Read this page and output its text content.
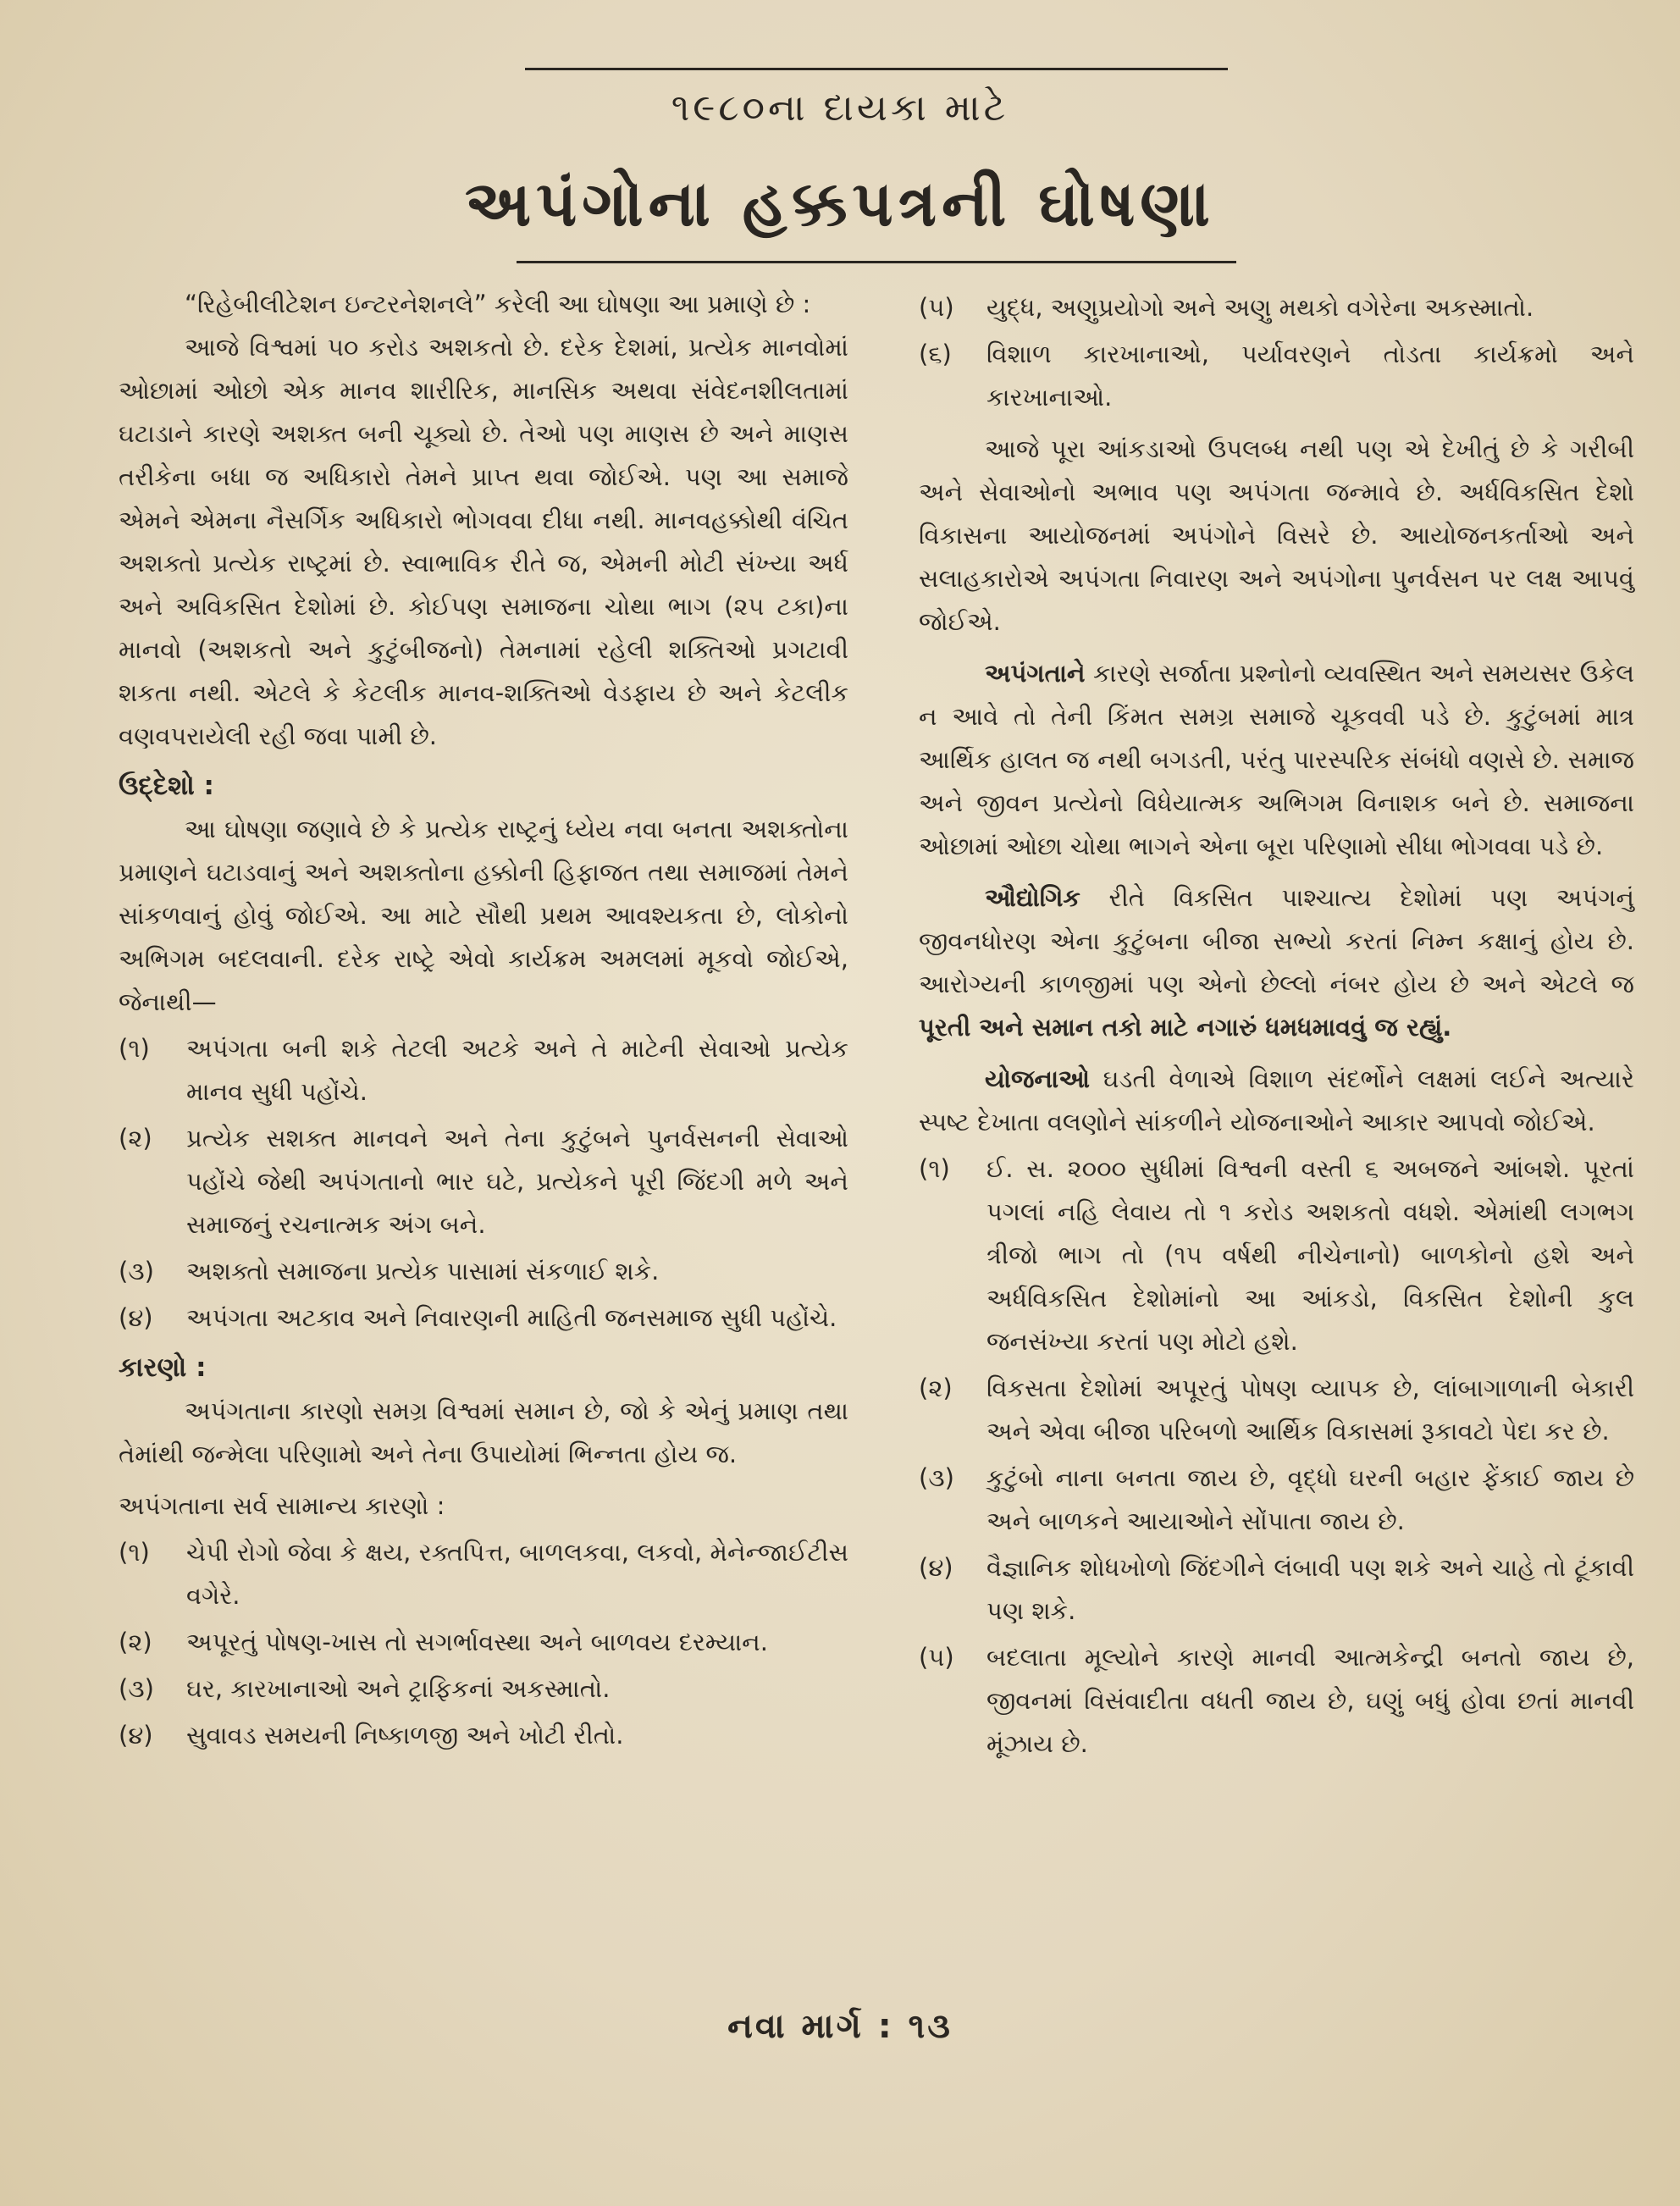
૧૯૮૦ના દાયકા માટે
અપંગોના હક્કપત્રની ઘોષણા

“રિહેબીલીટેશન ઇન્ટરનેશનલે” કરેલી આ ઘોષણા આ પ્રમાણે છે :

આજે વિશ્વમાં ૫૦ કરોડ અશકતો છે. દરેક દેશમાં, પ્રત્યેક માનવોમાં ઓછામાં ઓછો એક માનવ શારીરિક, માનસિક અથવા સંવેદનશીલતામાં ઘટાડાને કારણે અશક્ત બની ચૂક્યો છે. તેઓ પણ માણસ છે અને માણસ તરીકેના બધા જ અધિકારો તેમને પ્રાપ્ત થવા જોઈએ. પણ આ સમાજે એમને એમના નૈસર્ગિક અધિકારો ભોગવવા દીધા નથી. માનવહક્કોથી વંચિત અશક્તો પ્રત્યેક રાષ્ટ્રમાં છે. સ્વાભાવિક રીતે જ, એમની મોટી સંખ્યા અર્ધ અને અવિકસિત દેશોમાં છે. કોઈપણ સમાજના ચોથા ભાગ (૨૫ ટકા)ના માનવો (અશકતો અને કુટુંબીજનો) તેમનામાં રહેલી શક્તિઓ પ્રગટાવી શકતા નથી. એટલે કે કેટલીક માનવ-શક્તિઓ વેડફાય છે અને કેટલીક વણવપરાયેલી રહી જવા પામી છે.

ઉદ્દેશો :

આ ઘોષણા જણાવે છે કે પ્રત્યેક રાષ્ટ્રનું ધ્યેય નવા બનતા અશક્તોના પ્રમાણને ઘટાડવાનું અને અશક્તોના હક્કોની હિફાજત તથા સમાજમાં તેમને સાંકળવાનું હોવું જોઈએ. આ માટે સૌથી પ્રથમ આવશ્યકતા છે, લોકોનો અભિગમ બદલવાની. દરેક રાષ્ટ્રે એવો કાર્યક્રમ અમલમાં મૂકવો જોઈએ, જેનાથી—

(૧)	અપંગતા બની શકે તેટલી અટકે અને તે માટેની સેવાઓ પ્રત્યેક માનવ સુધી પહોંચે.
(૨)	પ્રત્યેક સશક્ત માનવને અને તેના કુટુંબને પુનર્વસનની સેવાઓ પહોંચે જેથી અપંગતાનો ભાર ઘટે, પ્રત્યેકને પૂરી જિંદગી મળે અને સમાજનું રચનાત્મક અંગ બને.
(૩)	અશક્તો સમાજના પ્રત્યેક પાસામાં સંકળાઈ શકે.
(૪)	અપંગતા અટકાવ અને નિવારણની માહિતી જનસમાજ સુધી પહોંચે.

કારણો :

અપંગતાના કારણો સમગ્ર વિશ્વમાં સમાન છે, જો કે એનું પ્રમાણ તથા તેમાંથી જન્મેલા પરિણામો અને તેના ઉપાયોમાં ભિન્નતા હોય જ.

અપંગતાના સર્વ સામાન્ય કારણો :

(૧)	ચેપી રોગો જેવા કે ક્ષય, રક્તપિત્ત, બાળલકવા, લકવો, મેનેન્જાઈટીસ વગેરે.
(૨)	અપૂરતું પોષણ-ખાસ તો સગર્ભાવસ્થા અને બાળવય દરમ્યાન.
(૩)	ઘર, કારખાનાઓ અને ટ્રાફિકનાં અકસ્માતો.
(૪)	સુવાવડ સમયની નિષ્કાળજી અને ખોટી રીતો.
(૫)	યુદ્ધ, અણુપ્રયોગો અને અણુ મથકો વગેરેના અકસ્માતો.
(૬)	વિશાળ કારખાનાઓ, પર્યાવરણને તોડતા કાર્યક્રમો અને કારખાનાઓ.

આજે પૂરા આંકડાઓ ઉપલબ્ધ નથી પણ એ દેખીતું છે કે ગરીબી અને સેવાઓનો અભાવ પણ અપંગતા જન્માવે છે. અર્ધવિકસિત દેશો વિકાસના આયોજનમાં અપંગોને વિસરે છે. આયોજનકર્તાઓ અને સલાહકારોએ અપંગતા નિવારણ અને અપંગોના પુનર્વસન પર લક્ષ આપવું જોઈએ.

અપંગતાને કારણે સર્જાતા પ્રશ્નોનો વ્યવસ્થિત અને સમયસર ઉકેલ ન આવે તો તેની કિંમત સમગ્ર સમાજે ચૂકવવી પડે છે. કુટુંબમાં માત્ર આર્થિક હાલત જ નથી બગડતી, પરંતુ પારસ્પરિક સંબંધો વણસે છે. સમાજ અને જીવન પ્રત્યેનો વિધેયાત્મક અભિગમ વિનાશક બને છે. સમાજના ઓછામાં ઓછા ચોથા ભાગને એના બૂરા પરિણામો સીધા ભોગવવા પડે છે.

ઔદ્યોગિક રીતે વિકસિત પાશ્ચાત્ય દેશોમાં પણ અપંગનું જીવનધોરણ એના કુટુંબના બીજા સભ્યો કરતાં નિમ્ન કક્ષાનું હોય છે. આરોગ્યની કાળજીમાં પણ એનો છેલ્લો નંબર હોય છે અને એટલે જ પૂરતી અને સમાન તકો માટે નગારું ધમધમાવવું જ રહ્યું.

યોજનાઓ ઘડતી વેળાએ વિશાળ સંદર્ભોને લક્ષમાં લઈને અત્યારે સ્પષ્ટ દેખાતા વલણોને સાંકળીને યોજનાઓને આકાર આપવો જોઈએ.

(૧)	ઈ. સ. ૨૦૦૦ સુધીમાં વિશ્વની વસ્તી ૬ અબજને આંબશે. પૂરતાં પગલાં નહિ લેવાય તો ૧ કરોડ અશકતો વધશે. એમાંથી લગભગ ત્રીજો ભાગ તો (૧૫ વર્ષથી નીચેનાનો) બાળકોનો હશે અને અર્ધવિકસિત દેશોમાંનો આ આંકડો, વિકસિત દેશોની કુલ જનસંખ્યા કરતાં પણ મોટો હશે.
(૨)	વિકસતા દેશોમાં અપૂરતું પોષણ વ્યાપક છે, લાંબાગાળાની બેકારી અને એવા બીજા પરિબળો આર્થિક વિકાસમાં રૂકાવટો પેદા કર છે.
(૩)	કુટુંબો નાના બનતા જાય છે, વૃદ્ધો ઘરની બહાર ફેંકાઈ જાય છે અને બાળકને આયાઓને સોંપાતા જાય છે.
(૪)	વૈજ્ઞાનિક શોધખોળો જિંદગીને લંબાવી પણ શકે અને ચાહે તો ટૂંકાવી પણ શકે.
(૫)	બદલાતા મૂલ્યોને કારણે માનવી આત્મકેન્દ્રી બનતો જાય છે, જીવનમાં વિસંવાદીતા વધતી જાય છે, ઘણું બધું હોવા છતાં માનવી મૂંઝાય છે.
નવા માર્ગ : ૧૩
